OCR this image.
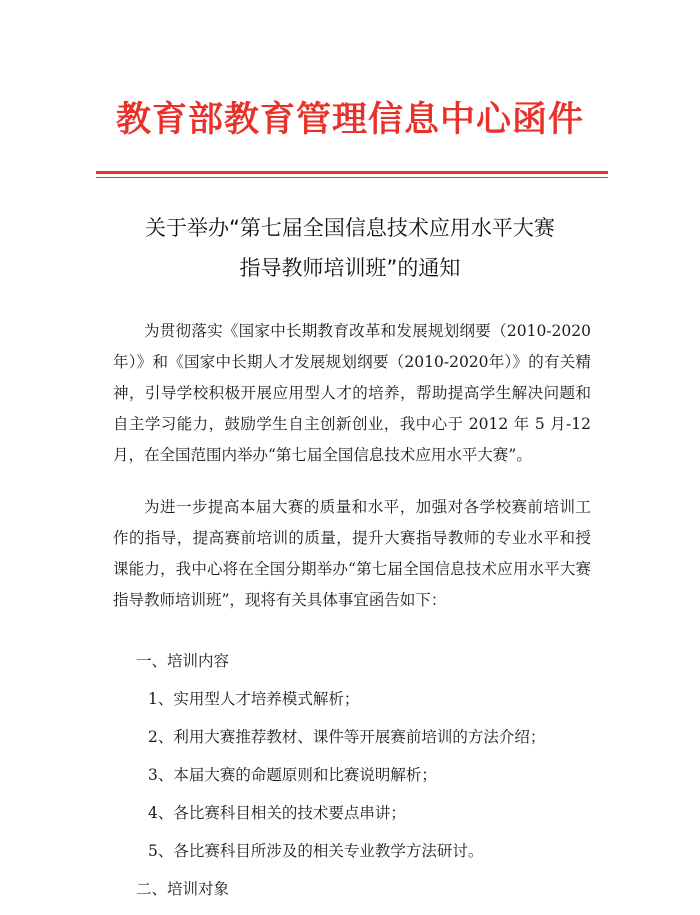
教育部教育管理信息中心函件
关于举办“第七届全国信息技术应用水平大赛
指导教师培训班”的通知

为贯彻落实《国家中长期教育改革和发展规划纲要（2010-2020年）》和《国家中长期人才发展规划纲要（2010-2020年）》的有关精神，引导学校积极开展应用型人才的培养，帮助提高学生解决问题和自主学习能力，鼓励学生自主创新创业，我中心于 2012 年 5 月-12月，在全国范围内举办“第七届全国信息技术应用水平大赛”。

为进一步提高本届大赛的质量和水平，加强对各学校赛前培训工作的指导，提高赛前培训的质量，提升大赛指导教师的专业水平和授课能力，我中心将在全国分期举办“第七届全国信息技术应用水平大赛指导教师培训班”，现将有关具体事宜函告如下：

一、培训内容

1、实用型人才培养模式解析；

2、利用大赛推荐教材、课件等开展赛前培训的方法介绍；

3、本届大赛的命题原则和比赛说明解析；

4、各比赛科目相关的技术要点串讲；

5、各比赛科目所涉及的相关专业教学方法研讨。

二、培训对象
